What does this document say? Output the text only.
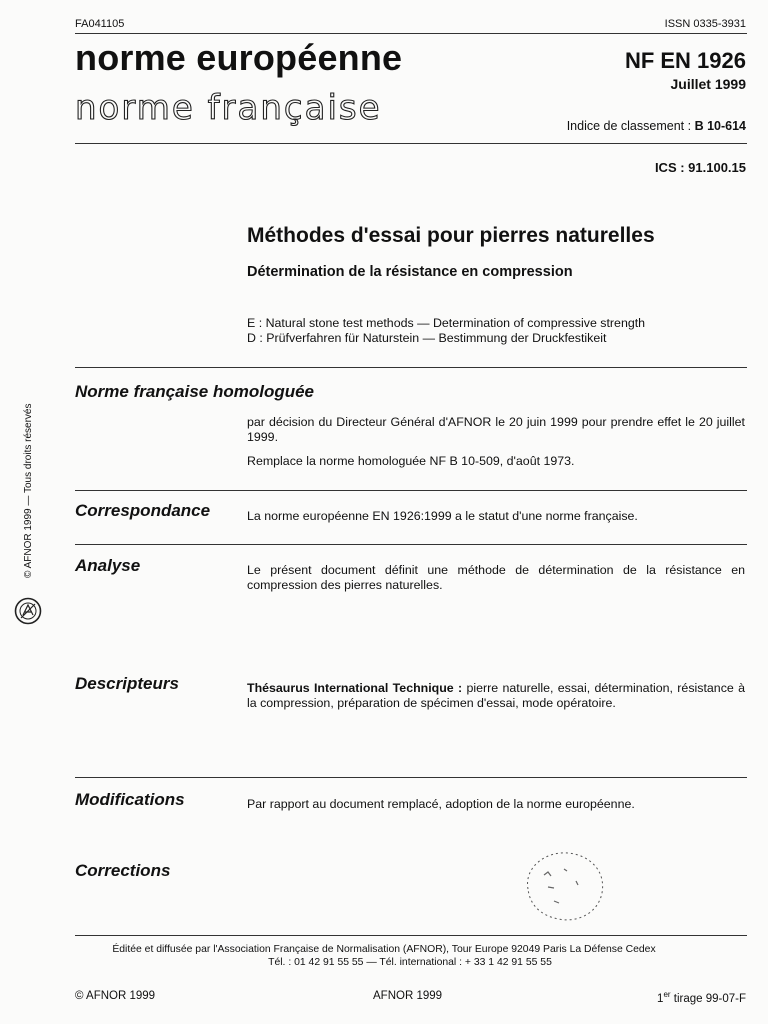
FA041105	ISSN 0335-3931
norme européenne
norme française
NF EN 1926
Juillet 1999
Indice de classement : B 10-614
ICS : 91.100.15
Méthodes d'essai pour pierres naturelles
Détermination de la résistance en compression
E : Natural stone test methods — Determination of compressive strength
D : Prüfverfahren für Naturstein — Bestimmung der Druckfestikeit
Norme française homologuée
par décision du Directeur Général d'AFNOR le 20 juin 1999 pour prendre effet le 20 juillet 1999.
Remplace la norme homologuée NF B 10-509, d'août 1973.
Correspondance	La norme européenne EN 1926:1999 a le statut d'une norme française.
Analyse	Le présent document définit une méthode de détermination de la résistance en compression des pierres naturelles.
Descripteurs	Thésaurus International Technique : pierre naturelle, essai, détermination, résistance à la compression, préparation de spécimen d'essai, mode opératoire.
Modifications	Par rapport au document remplacé, adoption de la norme européenne.
Corrections
Éditée et diffusée par l'Association Française de Normalisation (AFNOR), Tour Europe 92049 Paris La Défense Cedex
Tél. : 01 42 91 55 55 — Tél. international : + 33 1 42 91 55 55
© AFNOR 1999	AFNOR 1999	1er tirage 99-07-F
© AFNOR 1999 — Tous droits réservés
